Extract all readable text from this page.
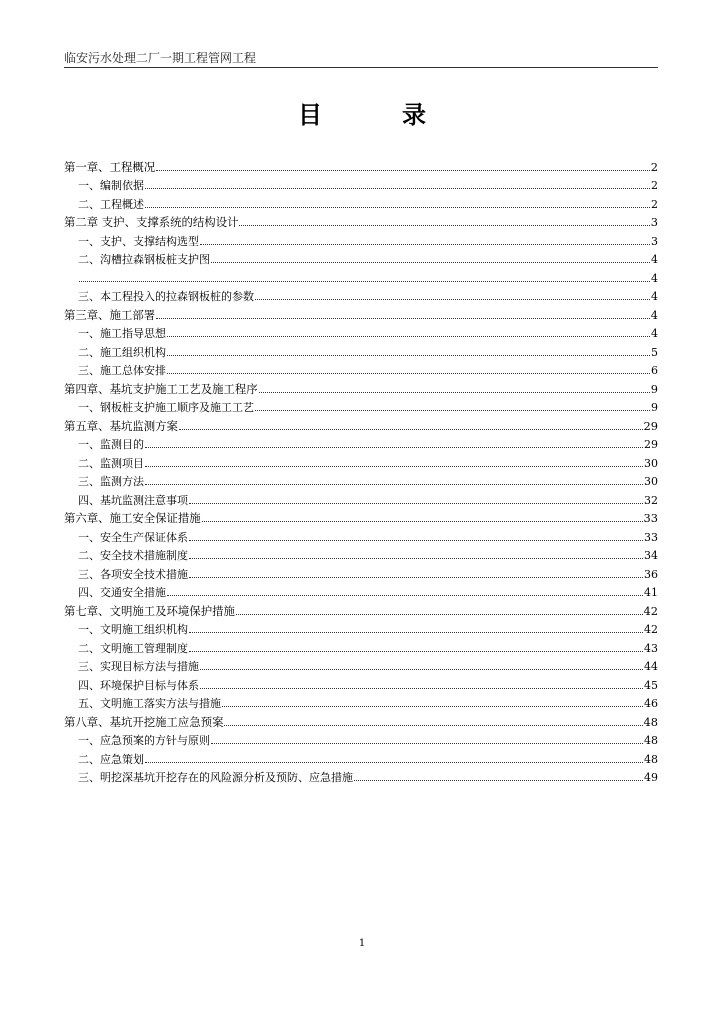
临安污水处理二厂一期工程管网工程
目　录
第一章、工程概况	2
一、编制依据	2
二、工程概述	2
第二章 支护、支撑系统的结构设计	3
一、支护、支撑结构选型	3
二、沟槽拉森钢板桩支护图	4
4
三、本工程投入的拉森钢板桩的参数	4
第三章、施工部署	4
一、施工指导思想	4
二、施工组织机构	5
三、施工总体安排	6
第四章、基坑支护施工工艺及施工程序	9
一、钢板桩支护施工顺序及施工工艺	9
第五章、基坑监测方案	29
一、监测目的	29
二、监测项目	30
三、监测方法	30
四、基坑监测注意事项	32
第六章、施工安全保证措施	33
一、安全生产保证体系	33
二、安全技术措施制度	34
三、各项安全技术措施	36
四、交通安全措施	41
第七章、文明施工及环境保护措施	42
一、文明施工组织机构	42
二、文明施工管理制度	43
三、实现目标方法与措施	44
四、环境保护目标与体系	45
五、文明施工落实方法与措施	46
第八章、基坑开挖施工应急预案	48
一、应急预案的方针与原则	48
二、应急策划	48
三、明挖深基坑开挖存在的风险源分析及预防、应急措施	49
1
